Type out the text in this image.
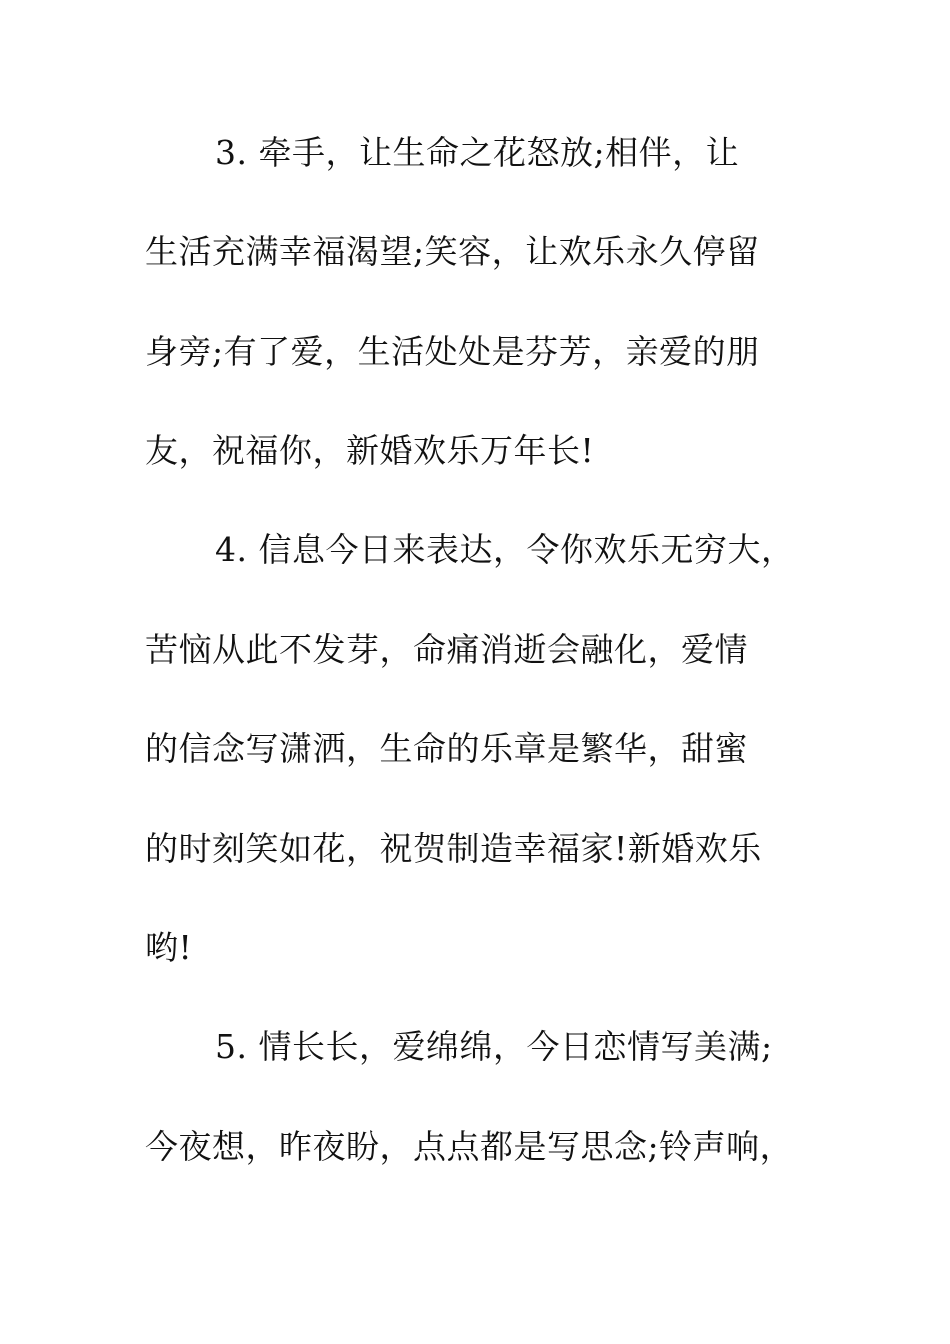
3. 牵手，让生命之花怒放;相伴，让
生活充满幸福渴望;笑容，让欢乐永久停留
身旁;有了爱，生活处处是芬芳，亲爱的朋
友，祝福你，新婚欢乐万年长!
4. 信息今日来表达，令你欢乐无穷大，
苦恼从此不发芽，命痛消逝会融化，爱情
的信念写潇洒，生命的乐章是繁华，甜蜜
的时刻笑如花，祝贺制造幸福家!新婚欢乐
哟!
5. 情长长，爱绵绵，今日恋情写美满;
今夜想，昨夜盼，点点都是写思念;铃声响，
